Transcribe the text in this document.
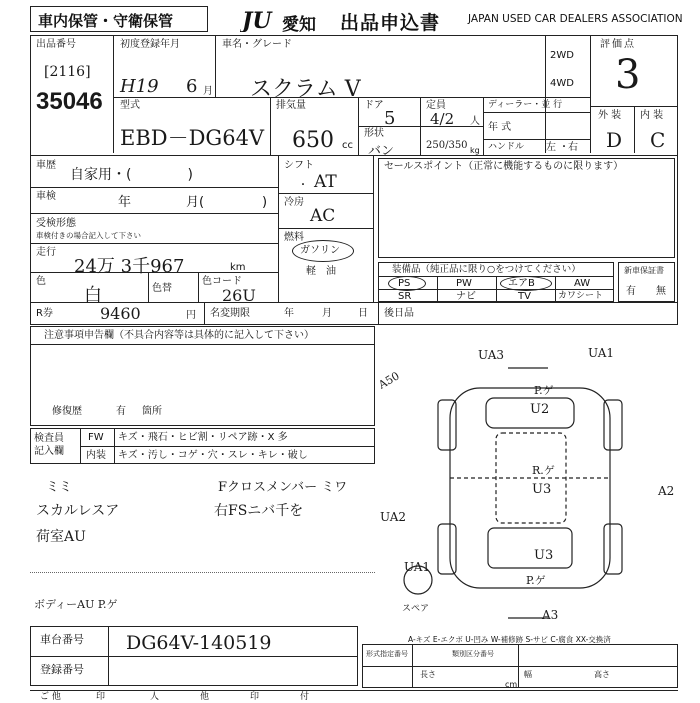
車内保管・守衛保管	JU 愛知 出品申込書	JAPAN USED CAR DEALERS ASSOCIATION
出品番号
[2116]
35046
初度登録年月
H19 6 月
車名・グレード
スクラム V
2WD
4WD
評価点
3
外 装 内 装
D C
型式
EBD－DG64V
排気量
650 cc
ドア
5
定員
4/2 人
形状
バン	250/350 kg
ディーラー・並 行
年 式
ハンドル 左 ・ 右
車歴
自家用・(　　　　)
車検	年	月(	)
受検形態
車検付きの場合記入して下さい
走行
24万 3千967	km
色
白	色替
色コード
26U
シフト
AT
・
冷房
AC
燃料
ガソリン
軽　油
セールスポイント（正常に機能するものに限ります）
装備品（純正品に限り○をつけてください）
PS	PW	エアB	AW
SR	ナビ	TV	カワシート
新車保証書
有 無
R券	9460	円 名変期限	年	月	日 後日品
注意事項申告欄（不具合内容等は具体的に記入して下さい）
修復歴	有 箇所
検査員
記入欄
FW キズ・飛石・ヒビ割・リペア跡・X 多
内装 キズ・汚し・コゲ・穴・スレ・キレ・破し
ミミ	Fクロスメンバー ミワ
スカルレスア	右FSニバ千を
荷室AU
ボディーAU P.ゲ
UA3	UA1
P.ゲ
U2
R.ゲ
U3	A2
UA2
U3
P.ゲ
UA1
A3
スペア
A50
A-キズ E-エクボ U-凹み W-補修跡 S-サビ C-腐食 XX-交換済
車台番号 DG64V-140519
登録番号
形式指定番号	類別区分番号
長さ	幅	高さ
cm
ご 他	印	人	他	印	付
